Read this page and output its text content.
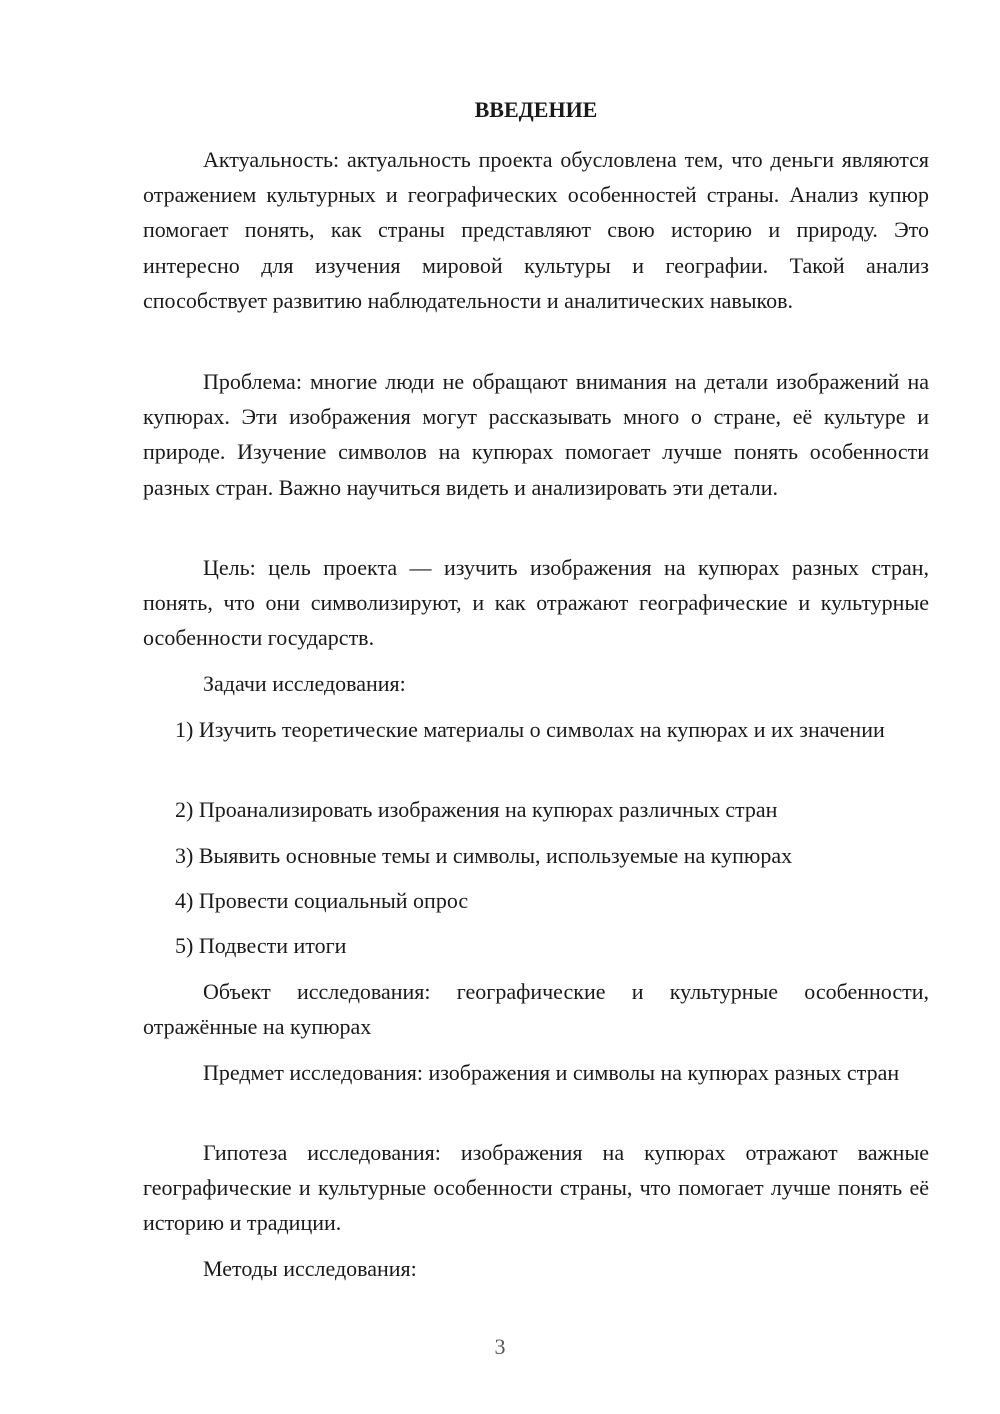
ВВЕДЕНИЕ

Актуальность: актуальность проекта обусловлена тем, что деньги являются отражением культурных и географических особенностей страны. Анализ купюр помогает понять, как страны представляют свою историю и природу. Это интересно для изучения мировой культуры и географии. Такой анализ способствует развитию наблюдательности и аналитических навыков.

Проблема: многие люди не обращают внимания на детали изображений на купюрах. Эти изображения могут рассказывать много о стране, её культуре и природе. Изучение символов на купюрах помогает лучше понять особенности разных стран. Важно научиться видеть и анализировать эти детали.

Цель: цель проекта — изучить изображения на купюрах разных стран, понять, что они символизируют, и как отражают географические и культурные особенности государств.

Задачи исследования:

1) Изучить теоретические материалы о символах на купюрах и их значении

2) Проанализировать изображения на купюрах различных стран

3) Выявить основные темы и символы, используемые на купюрах

4) Провести социальный опрос

5) Подвести итоги

Объект исследования: географические и культурные особенности, отражённые на купюрах

Предмет исследования: изображения и символы на купюрах разных стран

Гипотеза исследования: изображения на купюрах отражают важные географические и культурные особенности страны, что помогает лучше понять её историю и традиции.

Методы исследования:

3
